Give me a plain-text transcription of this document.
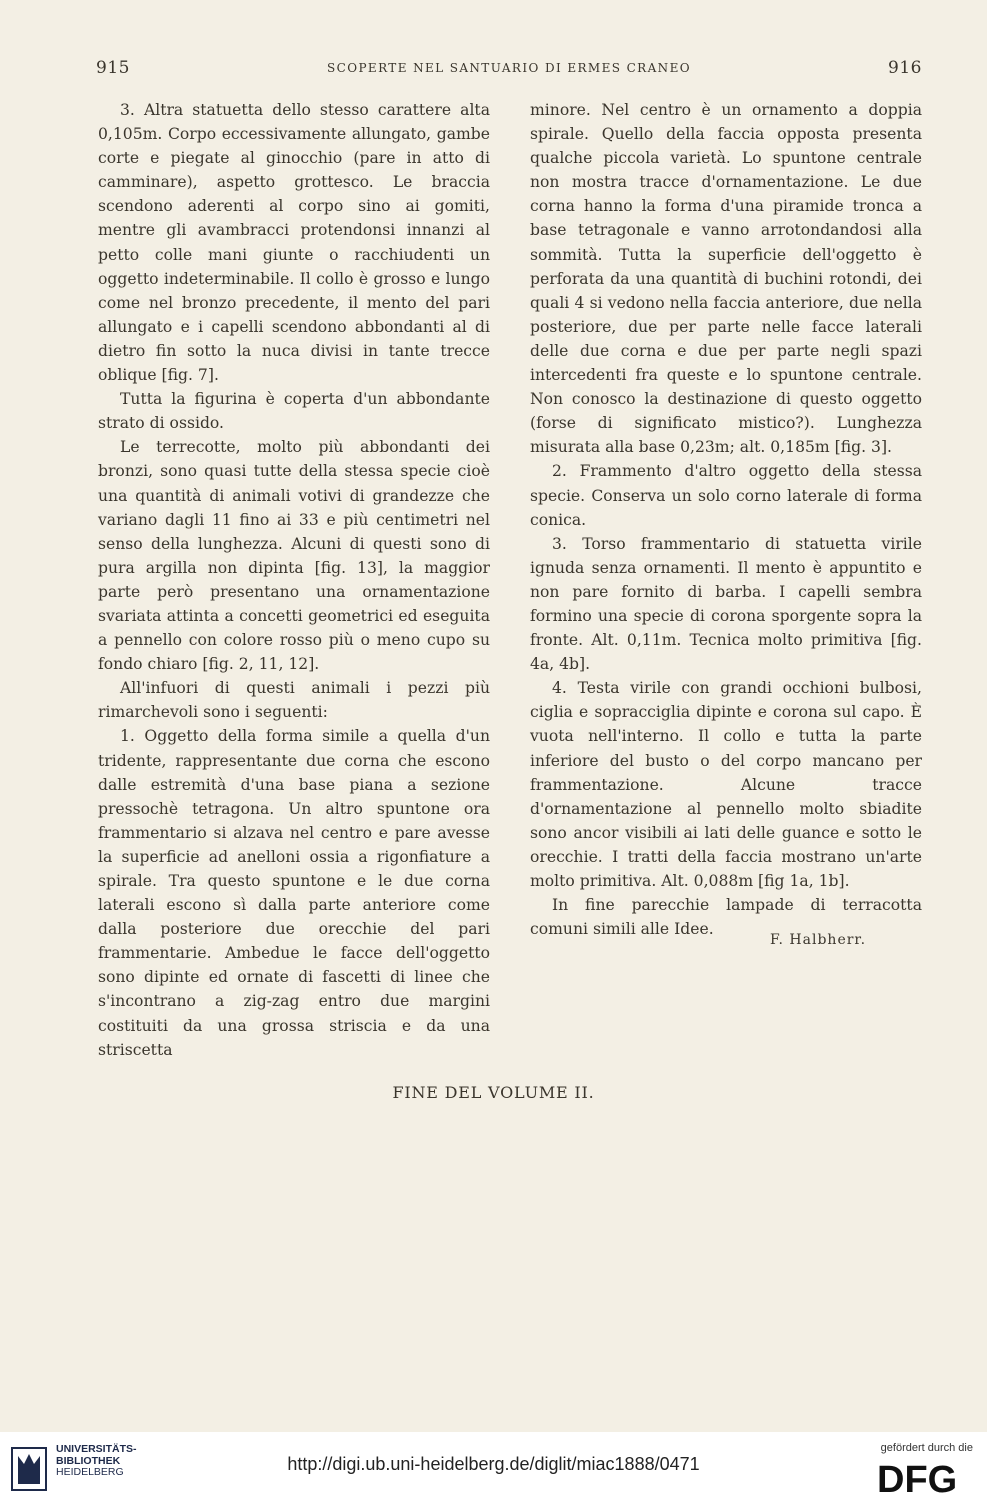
915	SCOPERTE NEL SANTUARIO DI ERMES CRANEO	916

3. Altra statuetta dello stesso carattere alta 0,105m. Corpo eccessivamente allungato, gambe corte e piegate al ginocchio (pare in atto di camminare), aspetto grottesco. Le braccia scendono aderenti al corpo sino ai gomiti, mentre gli avambracci protendonsi innanzi al petto colle mani giunte o racchiudenti un oggetto indeterminabile. Il collo è grosso e lungo come nel bronzo precedente, il mento del pari allungato e i capelli scendono abbondanti al di dietro fin sotto la nuca divisi in tante trecce oblique [fig. 7].

Tutta la figurina è coperta d'un abbondante strato di ossido.

Le terrecotte, molto più abbondanti dei bronzi, sono quasi tutte della stessa specie cioè una quantità di animali votivi di grandezze che variano dagli 11 fino ai 33 e più centimetri nel senso della lunghezza. Alcuni di questi sono di pura argilla non dipinta [fig. 13], la maggior parte però presentano una ornamentazione svariata attinta a concetti geometrici ed eseguita a pennello con colore rosso più o meno cupo su fondo chiaro [fig. 2, 11, 12].

All'infuori di questi animali i pezzi più rimarchevoli sono i seguenti:

1. Oggetto della forma simile a quella d'un tridente, rappresentante due corna che escono dalle estremità d'una base piana a sezione pressochè tetragona. Un altro spuntone ora frammentario si alzava nel centro e pare avesse la superficie ad anelloni ossia a rigonfiature a spirale. Tra questo spuntone e le due corna laterali escono sì dalla parte anteriore come dalla posteriore due orecchie del pari frammentarie. Ambedue le facce dell'oggetto sono dipinte ed ornate di fascetti di linee che s'incontrano a zig-zag entro due margini costituiti da una grossa striscia e da una striscetta

minore. Nel centro è un ornamento a doppia spirale. Quello della faccia opposta presenta qualche piccola varietà. Lo spuntone centrale non mostra tracce d'ornamentazione. Le due corna hanno la forma d'una piramide tronca a base tetragonale e vanno arrotondandosi alla sommità. Tutta la superficie dell'oggetto è perforata da una quantità di buchini rotondi, dei quali 4 si vedono nella faccia anteriore, due nella posteriore, due per parte nelle facce laterali delle due corna e due per parte negli spazi intercedenti fra queste e lo spuntone centrale. Non conosco la destinazione di questo oggetto (forse di significato mistico?). Lunghezza misurata alla base 0,23m; alt. 0,185m [fig. 3].

2. Frammento d'altro oggetto della stessa specie. Conserva un solo corno laterale di forma conica.

3. Torso frammentario di statuetta virile ignuda senza ornamenti. Il mento è appuntito e non pare fornito di barba. I capelli sembra formino una specie di corona sporgente sopra la fronte. Alt. 0,11m. Tecnica molto primitiva [fig. 4a, 4b].

4. Testa virile con grandi occhioni bulbosi, ciglia e sopracciglia dipinte e corona sul capo. È vuota nell'interno. Il collo e tutta la parte inferiore del busto o del corpo mancano per frammentazione. Alcune tracce d'ornamentazione al pennello molto sbiadite sono ancor visibili ai lati delle guance e sotto le orecchie. I tratti della faccia mostrano un'arte molto primitiva. Alt. 0,088m [fig 1a, 1b].

In fine parecchie lampade di terracotta comuni simili alle Idee.

F. Halbherr.
FINE DEL VOLUME II.
UNIVERSITÄTS-
BIBLIOTHEK
HEIDELBERG	http://digi.ub.uni-heidelberg.de/diglit/miac1888/0471
gefördert durch die
DFG
